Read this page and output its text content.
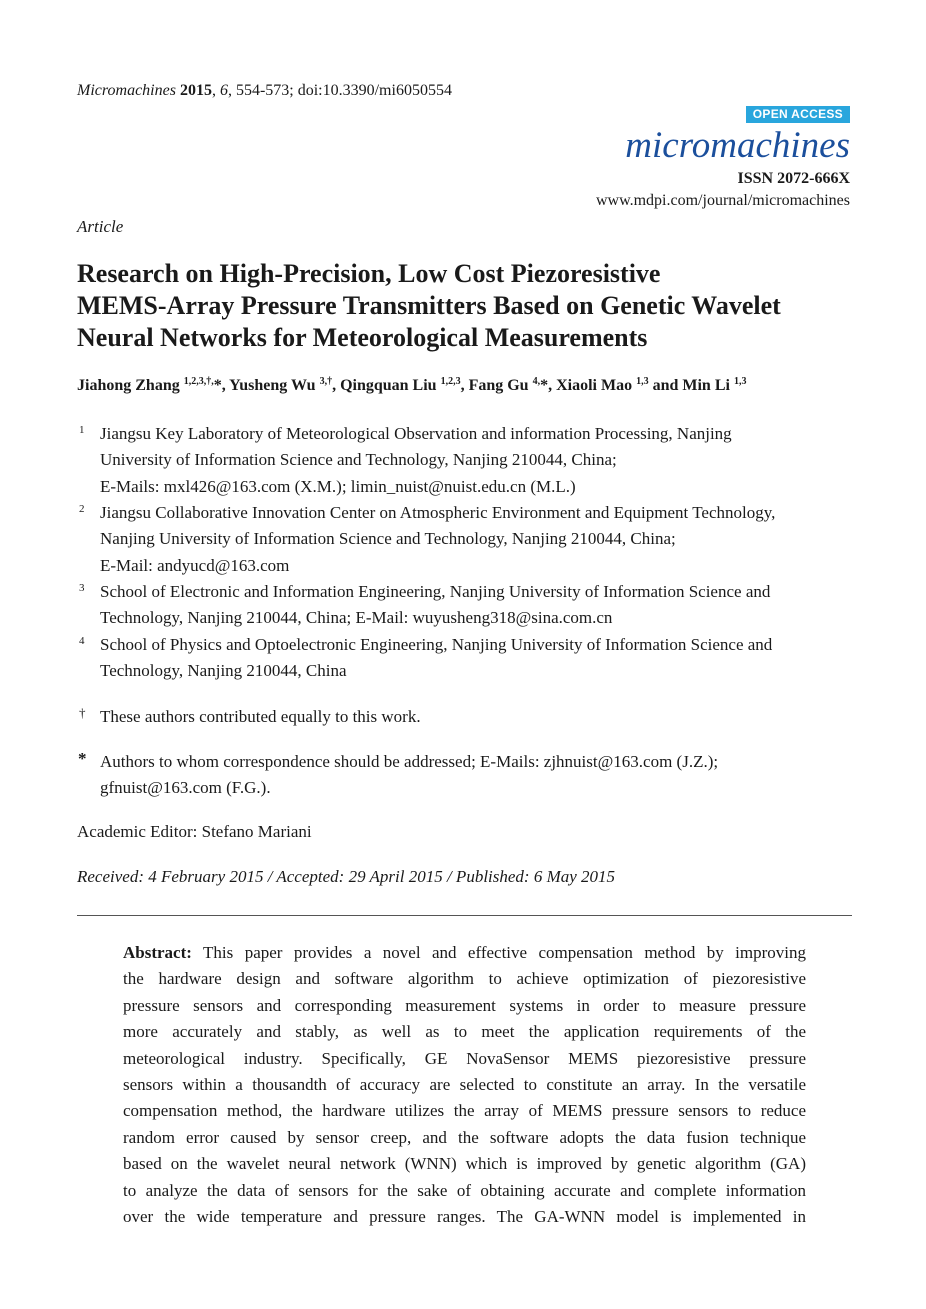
Micromachines 2015, 6, 554-573; doi:10.3390/mi6050554
OPEN ACCESS
micromachines
ISSN 2072-666X
www.mdpi.com/journal/micromachines
Article
Research on High-Precision, Low Cost Piezoresistive
MEMS-Array Pressure Transmitters Based on Genetic Wavelet
Neural Networks for Meteorological Measurements
Jiahong Zhang $^{1,2,3,\dagger,}$*, Yusheng Wu $^{3,\dagger}$, Qingquan Liu $^{1,2,3}$, Fang Gu $^{4,}$*, Xiaoli Mao $^{1,3}$ and Min Li $^{1,3}$
1 Jiangsu Key Laboratory of Meteorological Observation and information Processing, Nanjing
University of Information Science and Technology, Nanjing 210044, China;
E-Mails: mxl426@163.com (X.M.); limin_nuist@nuist.edu.cn (M.L.)
2 Jiangsu Collaborative Innovation Center on Atmospheric Environment and Equipment Technology,
Nanjing University of Information Science and Technology, Nanjing 210044, China;
E-Mail: andyucd@163.com
3 School of Electronic and Information Engineering, Nanjing University of Information Science and
Technology, Nanjing 210044, China; E-Mail: wuyusheng318@sina.com.cn
4 School of Physics and Optoelectronic Engineering, Nanjing University of Information Science and
Technology, Nanjing 210044, China
† These authors contributed equally to this work.
* Authors to whom correspondence should be addressed; E-Mails: zjhnuist@163.com (J.Z.);
gfnuist@163.com (F.G.).
Academic Editor: Stefano Mariani
Received: 4 February 2015 / Accepted: 29 April 2015 / Published: 6 May 2015
Abstract: This paper provides a novel and effective compensation method by improving
the hardware design and software algorithm to achieve optimization of piezoresistive
pressure sensors and corresponding measurement systems in order to measure pressure
more accurately and stably, as well as to meet the application requirements of the
meteorological industry. Specifically, GE NovaSensor MEMS piezoresistive pressure
sensors within a thousandth of accuracy are selected to constitute an array. In the versatile
compensation method, the hardware utilizes the array of MEMS pressure sensors to reduce
random error caused by sensor creep, and the software adopts the data fusion technique
based on the wavelet neural network (WNN) which is improved by genetic algorithm (GA)
to analyze the data of sensors for the sake of obtaining accurate and complete information
over the wide temperature and pressure ranges. The GA-WNN model is implemented in
